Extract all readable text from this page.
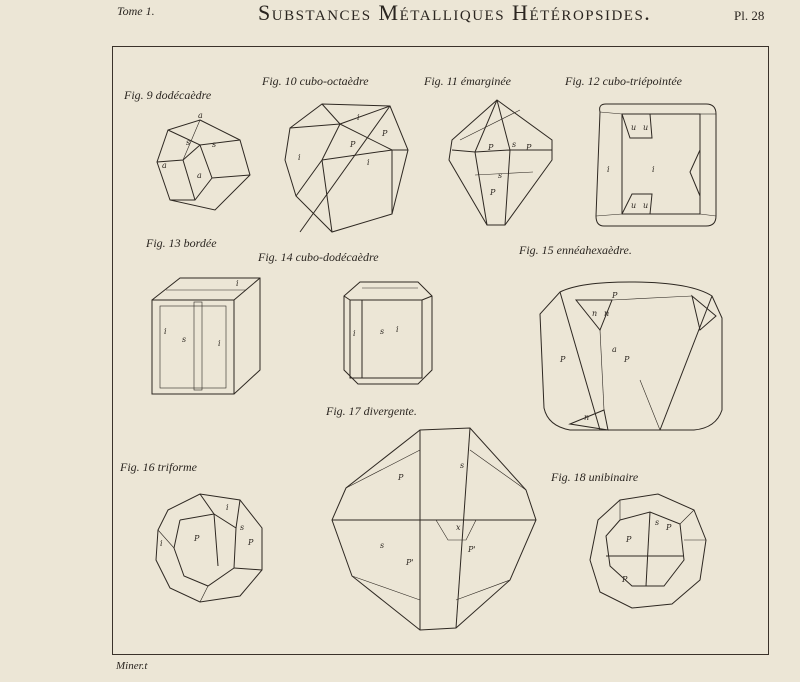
Tome 1.	Substances Métalliques Hétéropsides.	Pl. 28
Fig. 9 dodécaèdre
Fig. 10 cubo-octaèdre	Fig. 11 émarginée	Fig. 12 cubo-triépointée
Fig. 13 bordée
Fig. 14 cubo-dodécaèdre	Fig. 15 ennéahexaèdre.
Fig. 16 triforme
Fig. 17 divergente.
Fig. 18 unibinaire
Miner.t
a
a
s	s
a
P
P
i
i
i
P	P
P
s
s
u u
u u
i	i
i
i
i
s
i	i
s
P
P	P
n n
n
a
P	P
i
i
s
P
P'
P'
s
s
x
P
P
P
s
